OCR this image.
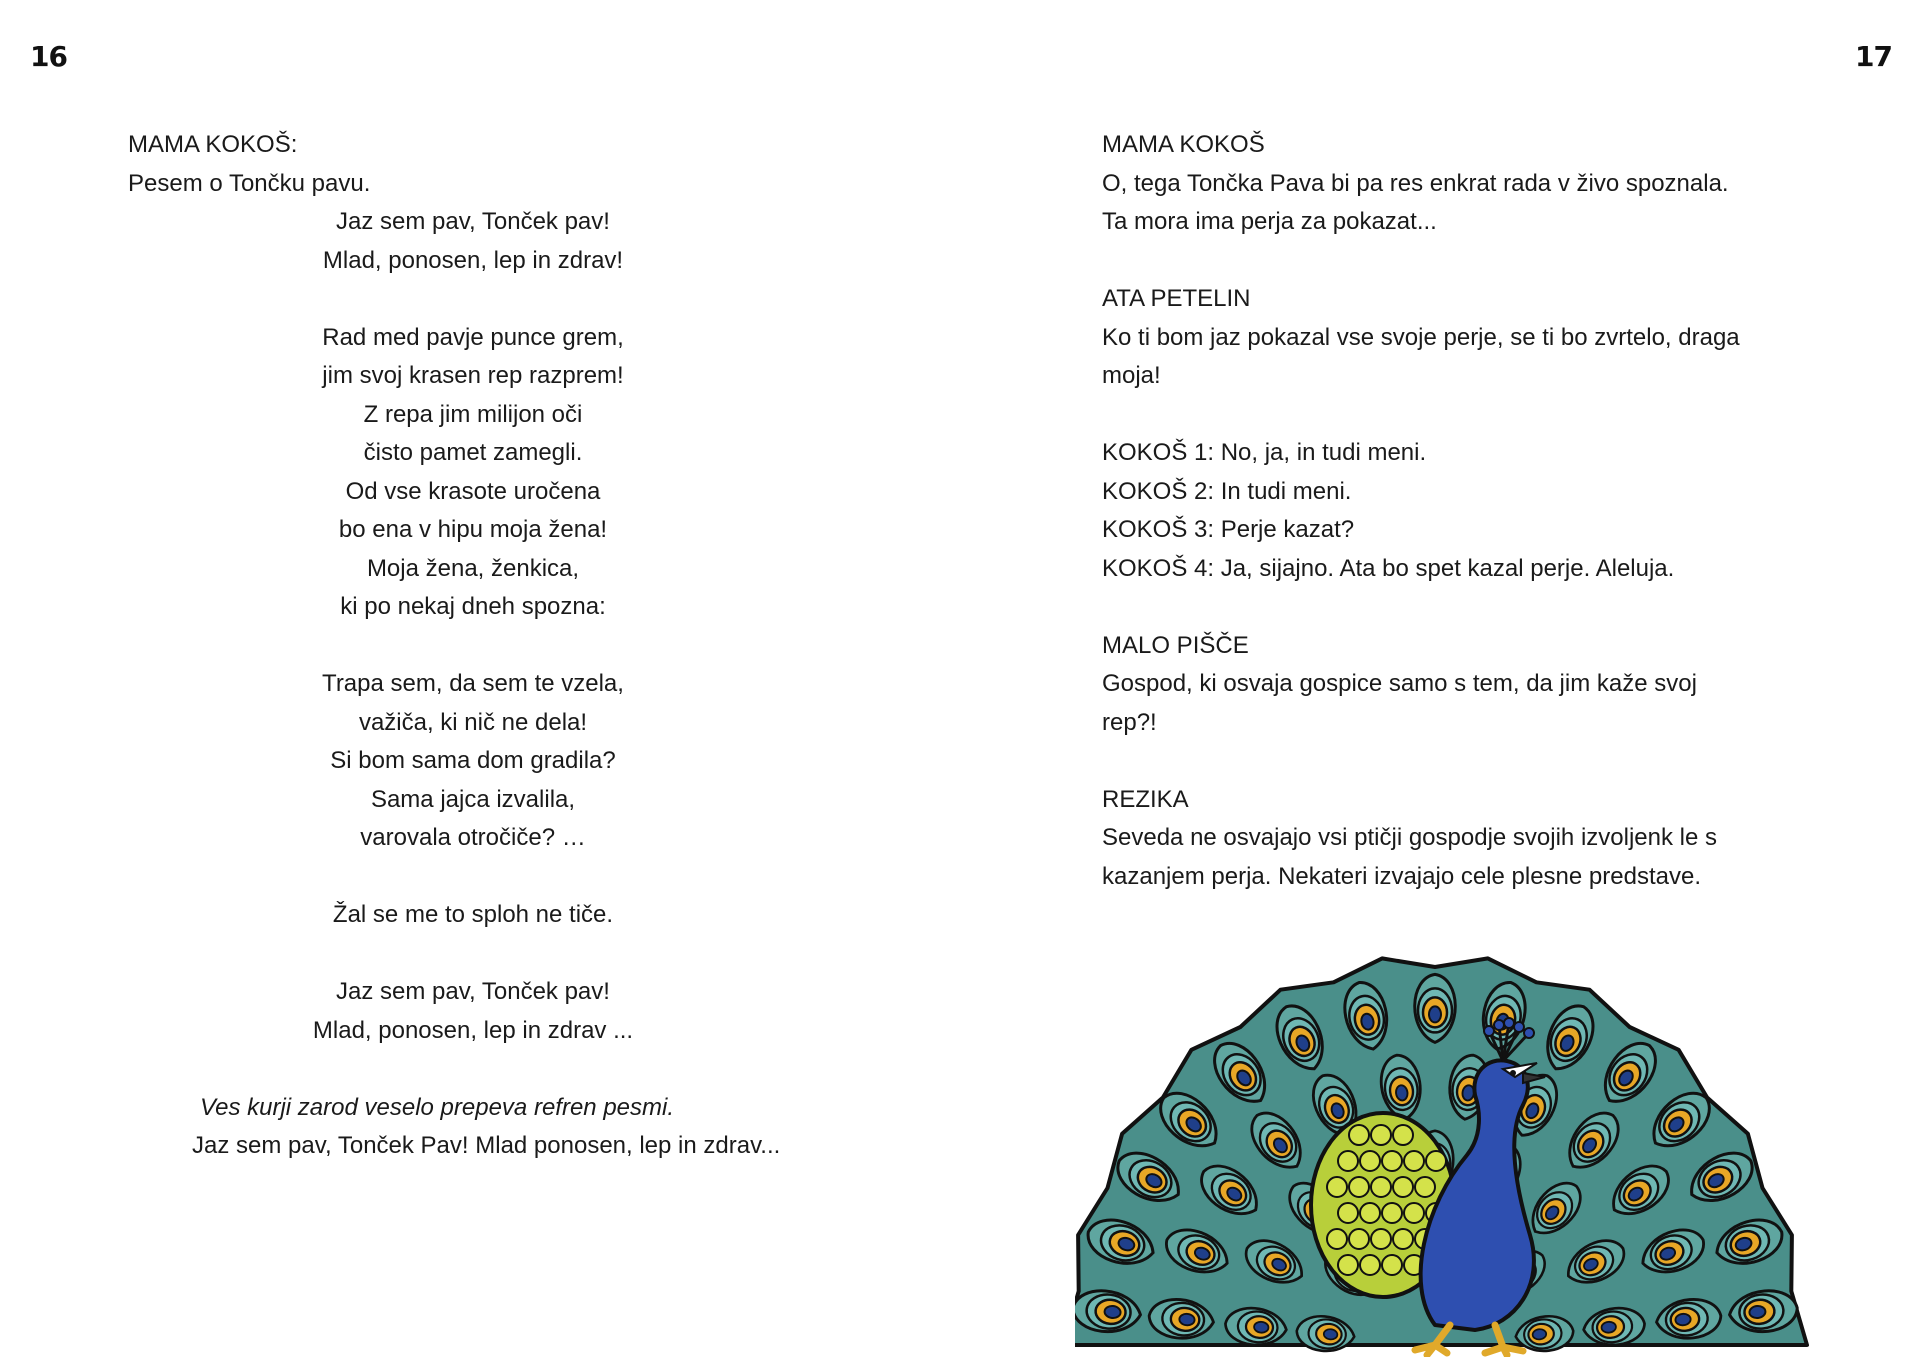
16	17
MAMA KOKOŠ:
Pesem o Tončku pavu.
Jaz sem pav, Tonček pav!
Mlad, ponosen, lep in zdrav!
Rad med pavje punce grem,
jim svoj krasen rep razprem!
Z repa jim milijon oči
čisto pamet zamegli.
Od vse krasote uročena
bo ena v hipu moja žena!
Moja žena, ženkica,
ki po nekaj dneh spozna:
Trapa sem, da sem te vzela,
važiča, ki nič ne dela!
Si bom sama dom gradila?
Sama jajca izvalila,
varovala otročiče? …
Žal se me to sploh ne tiče.
Jaz sem pav, Tonček pav!
Mlad, ponosen, lep in zdrav ...
Ves kurji zarod veselo prepeva refren pesmi.
Jaz sem pav, Tonček Pav! Mlad ponosen, lep in zdrav...
MAMA KOKOŠ
O, tega Tončka Pava bi pa res enkrat rada v živo spoznala.
Ta mora ima perja za pokazat...
ATA PETELIN
Ko ti bom jaz pokazal vse svoje perje, se ti bo zvrtelo, draga
moja!
KOKOŠ 1: No, ja, in tudi meni.
KOKOŠ 2: In tudi meni.
KOKOŠ 3: Perje kazat?
KOKOŠ 4: Ja, sijajno. Ata bo spet kazal perje. Aleluja.
MALO PIŠČE
Gospod, ki osvaja gospice samo s tem, da jim kaže svoj
rep?!
REZIKA
Seveda ne osvajajo vsi ptičji gospodje svojih izvoljenk le s
kazanjem perja. Nekateri izvajajo cele plesne predstave.
